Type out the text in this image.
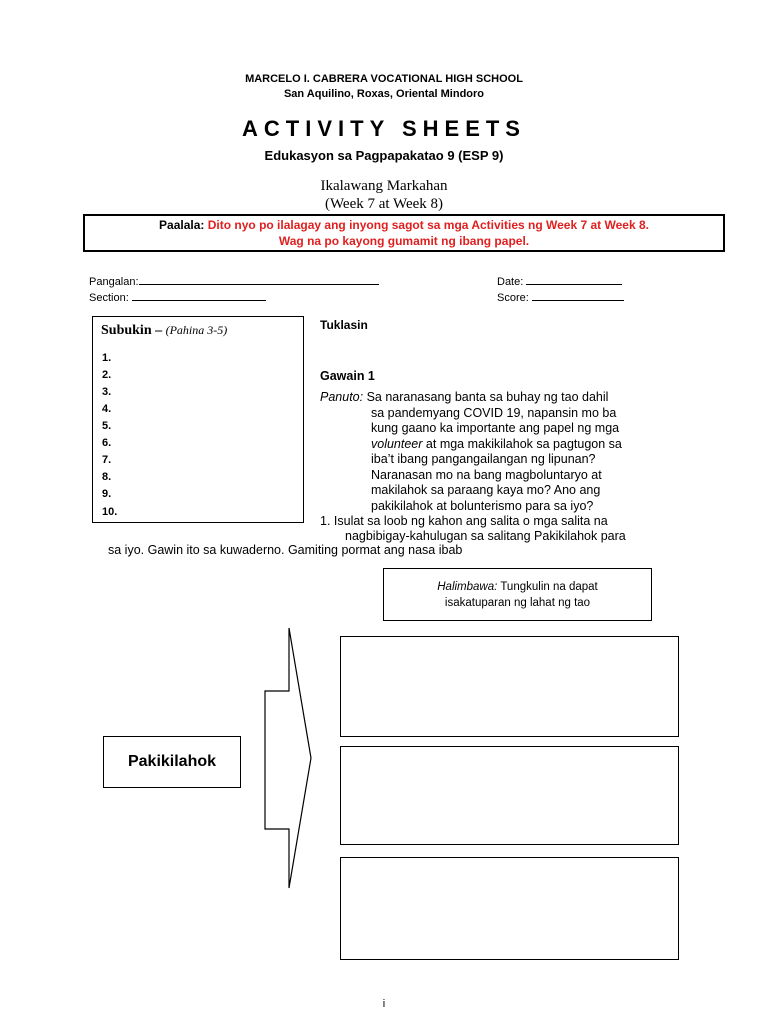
MARCELO I. CABRERA VOCATIONAL HIGH SCHOOL
San Aquilino, Roxas, Oriental Mindoro
ACTIVITY SHEETS
Edukasyon sa Pagpapakatao 9 (ESP 9)
Ikalawang Markahan
(Week 7 at Week 8)
Paalala: Dito nyo po ilalagay ang inyong sagot sa mga Activities ng Week 7 at Week 8.
Wag na po kayong gumamit ng ibang papel.
Pangalan:
Section:
Date:
Score:
Subukin – (Pahina 3-5)
1.
2.
3.
4.
5.
6.
7.
8.
9.
10.
Tuklasin
Gawain 1
Panuto: Sa naranasang banta sa buhay ng tao dahil
sa pandemyang COVID 19, napansin mo ba
kung gaano ka importante ang papel ng mga
volunteer at mga makikilahok sa pagtugon sa
iba’t ibang pangangailangan ng lipunan?
Naranasan mo na bang magboluntaryo at
makilahok sa paraang kaya mo? Ano ang
pakikilahok at bolunterismo para sa iyo?
1. Isulat sa loob ng kahon ang salita o mga salita na
nagbibigay-kahulugan sa salitang Pakikilahok para
sa iyo. Gawin ito sa kuwaderno. Gamiting pormat ang nasa ibab
Halimbawa: Tungkulin na dapat
isakatuparan ng lahat ng tao
Pakikilahok
i
